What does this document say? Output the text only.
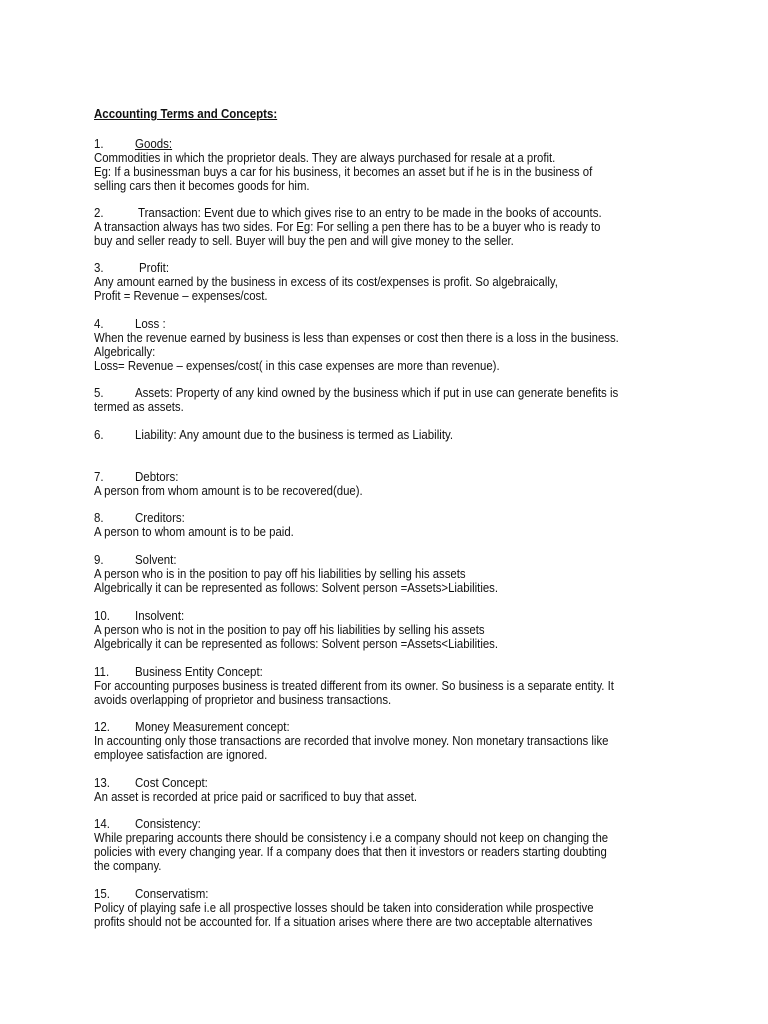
Accounting Terms and Concepts:
1.	Goods:
Commodities in which the proprietor deals. They are always purchased for resale at a profit.
Eg: If a businessman buys a car for his business, it becomes an asset but if he is in the business of
selling cars then it becomes goods for him.
2.	Transaction: Event due to which gives rise to an entry to be made in the books of accounts.
A transaction always has two sides. For Eg: For selling a pen there has to be a buyer who is ready to
buy and seller ready to sell. Buyer will buy the pen and will give money to the seller.
3.	Profit:
Any amount earned by the business in excess of its cost/expenses is profit. So algebraically,
Profit = Revenue – expenses/cost.
4.	Loss :
When the revenue earned by business is less than expenses or cost then there is a loss in the business.
Algebrically:
Loss= Revenue – expenses/cost( in this case expenses are more than revenue).
5.	Assets: Property of any kind owned by the business which if put in use can generate benefits is
termed as assets.
6.	Liability: Any amount due to the business is termed as Liability.
7.	Debtors:
A person from whom amount is to be recovered(due).
8.	Creditors:
A person to whom amount is to be paid.
9.	Solvent:
A person who is in the position to pay off his liabilities by selling his assets
Algebrically it can be represented as follows: Solvent person =Assets>Liabilities.
10. Insolvent:
A person who is not in the position to pay off his liabilities by selling his assets
Algebrically it can be represented as follows: Solvent person =Assets<Liabilities.
11. Business Entity Concept:
For accounting purposes business is treated different from its owner. So business is a separate entity. It
avoids overlapping of proprietor and business transactions.
12. Money Measurement concept:
In accounting only those transactions are recorded that involve money. Non monetary transactions like
employee satisfaction are ignored.
13. Cost Concept:
An asset is recorded at price paid or sacrificed to buy that asset.
14. Consistency:
While preparing accounts there should be consistency i.e a company should not keep on changing the
policies with every changing year. If a company does that then it investors or readers starting doubting
the company.
15. Conservatism:
Policy of playing safe i.e all prospective losses should be taken into consideration while prospective
profits should not be accounted for. If a situation arises where there are two acceptable alternatives
